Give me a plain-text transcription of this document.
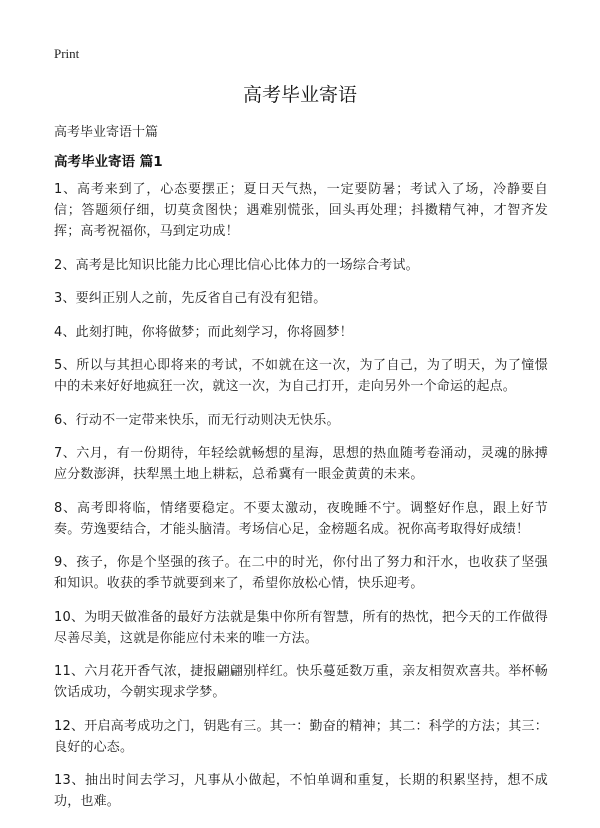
Print
高考毕业寄语
高考毕业寄语十篇
高考毕业寄语 篇1

1、高考来到了，心态要摆正；夏日天气热，一定要防暑；考试入了场，冷静要自信；答题须仔细，切莫贪图快；遇难别慌张，回头再处理；抖擞精气神，才智齐发挥；高考祝福你，马到定功成！

2、高考是比知识比能力比心理比信心比体力的一场综合考试。

3、要纠正别人之前，先反省自己有没有犯错。

4、此刻打盹，你将做梦；而此刻学习，你将圆梦！

5、所以与其担心即将来的考试，不如就在这一次，为了自己，为了明天，为了憧憬中的未来好好地疯狂一次，就这一次，为自己打开，走向另外一个命运的起点。

6、行动不一定带来快乐，而无行动则决无快乐。

7、六月，有一份期待，年轻绘就畅想的星海，思想的热血随考卷涌动，灵魂的脉搏应分数澎湃，扶犁黑土地上耕耘，总希冀有一眼金黄黄的未来。

8、高考即将临，情绪要稳定。不要太激动，夜晚睡不宁。调整好作息，跟上好节奏。劳逸要结合，才能头脑清。考场信心足，金榜题名成。祝你高考取得好成绩！

9、孩子，你是个坚强的孩子。在二中的时光，你付出了努力和汗水，也收获了坚强和知识。收获的季节就要到来了，希望你放松心情，快乐迎考。

10、为明天做准备的最好方法就是集中你所有智慧，所有的热忱，把今天的工作做得尽善尽美，这就是你能应付未来的唯一方法。

11、六月花开香气浓，捷报翩翩别样红。快乐蔓延数万重，亲友相贺欢喜共。举杯畅饮话成功，今朝实现求学梦。

12、开启高考成功之门，钥匙有三。其一：勤奋的精神；其二：科学的方法；其三：良好的心态。

13、抽出时间去学习，凡事从小做起，不怕单调和重复，长期的积累坚持，想不成功，也难。
